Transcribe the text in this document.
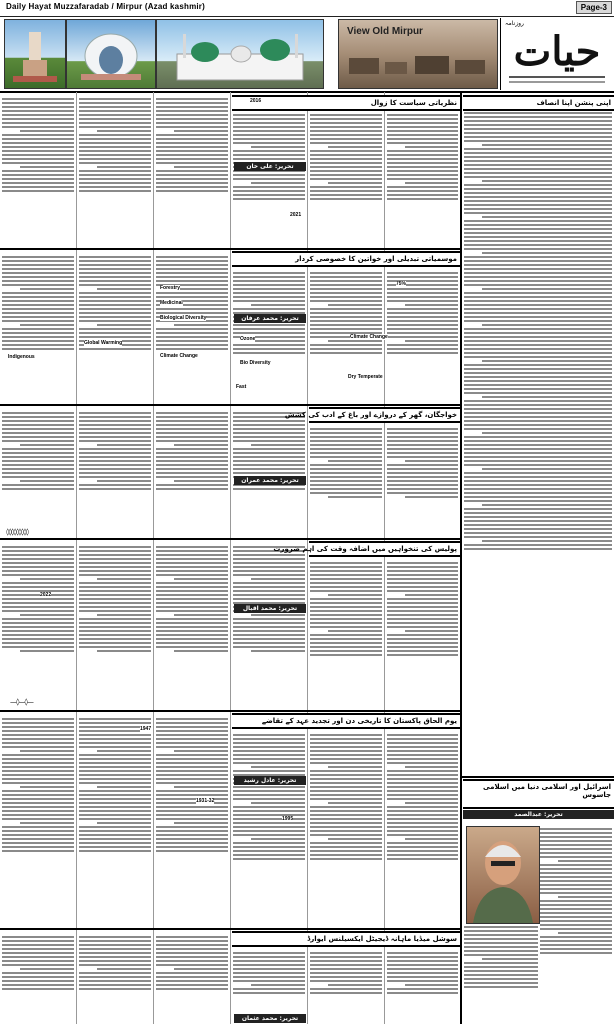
Daily Hayat Muzzafaradab / Mirpur (Azad kashmir)	Page-3
View Old Mirpur
روزنامہ
حیات
نظریاتی سیاست کا زوال
موسمیاتی تبدیلی اور خواتین کا خصوصی کردار
خواجگان، گھر کے دروازے اور باغ کے ادب کی کشش
پولیس کی تنخواہیں میں اضافہ وقت کی اہم ضرورت
یوم الحاق پاکستان کا تاریخی دن اور تجدید عہد کے تقاضے
سوشل میڈیا ماہانہ ڈیجیٹل ایکسیلنس ایوارڈ
اسرائیل اور اسلامی دنیا میں اسلامی جاسوس
اپنی پنشن اپنا انصاف
تحریر: علی خان
تحریر: محمد عرفان
تحریر: محمد عمران
تحریر: محمد اقبال
تحریر: عادل رشید
تحریر: محمد عثمان
تحریر: عبدالصمد
Forestry
Medicinal
Biological Diversity
Climate Change
Global Warming
Ozone
Bio Diversity
Fast
Dry Temperate
Indigenous
Climate Change
75%
2021
2016
2022
1947
1931-32
1995
◊◊◊◊◊◊◊◊◊
—◊—◊—
